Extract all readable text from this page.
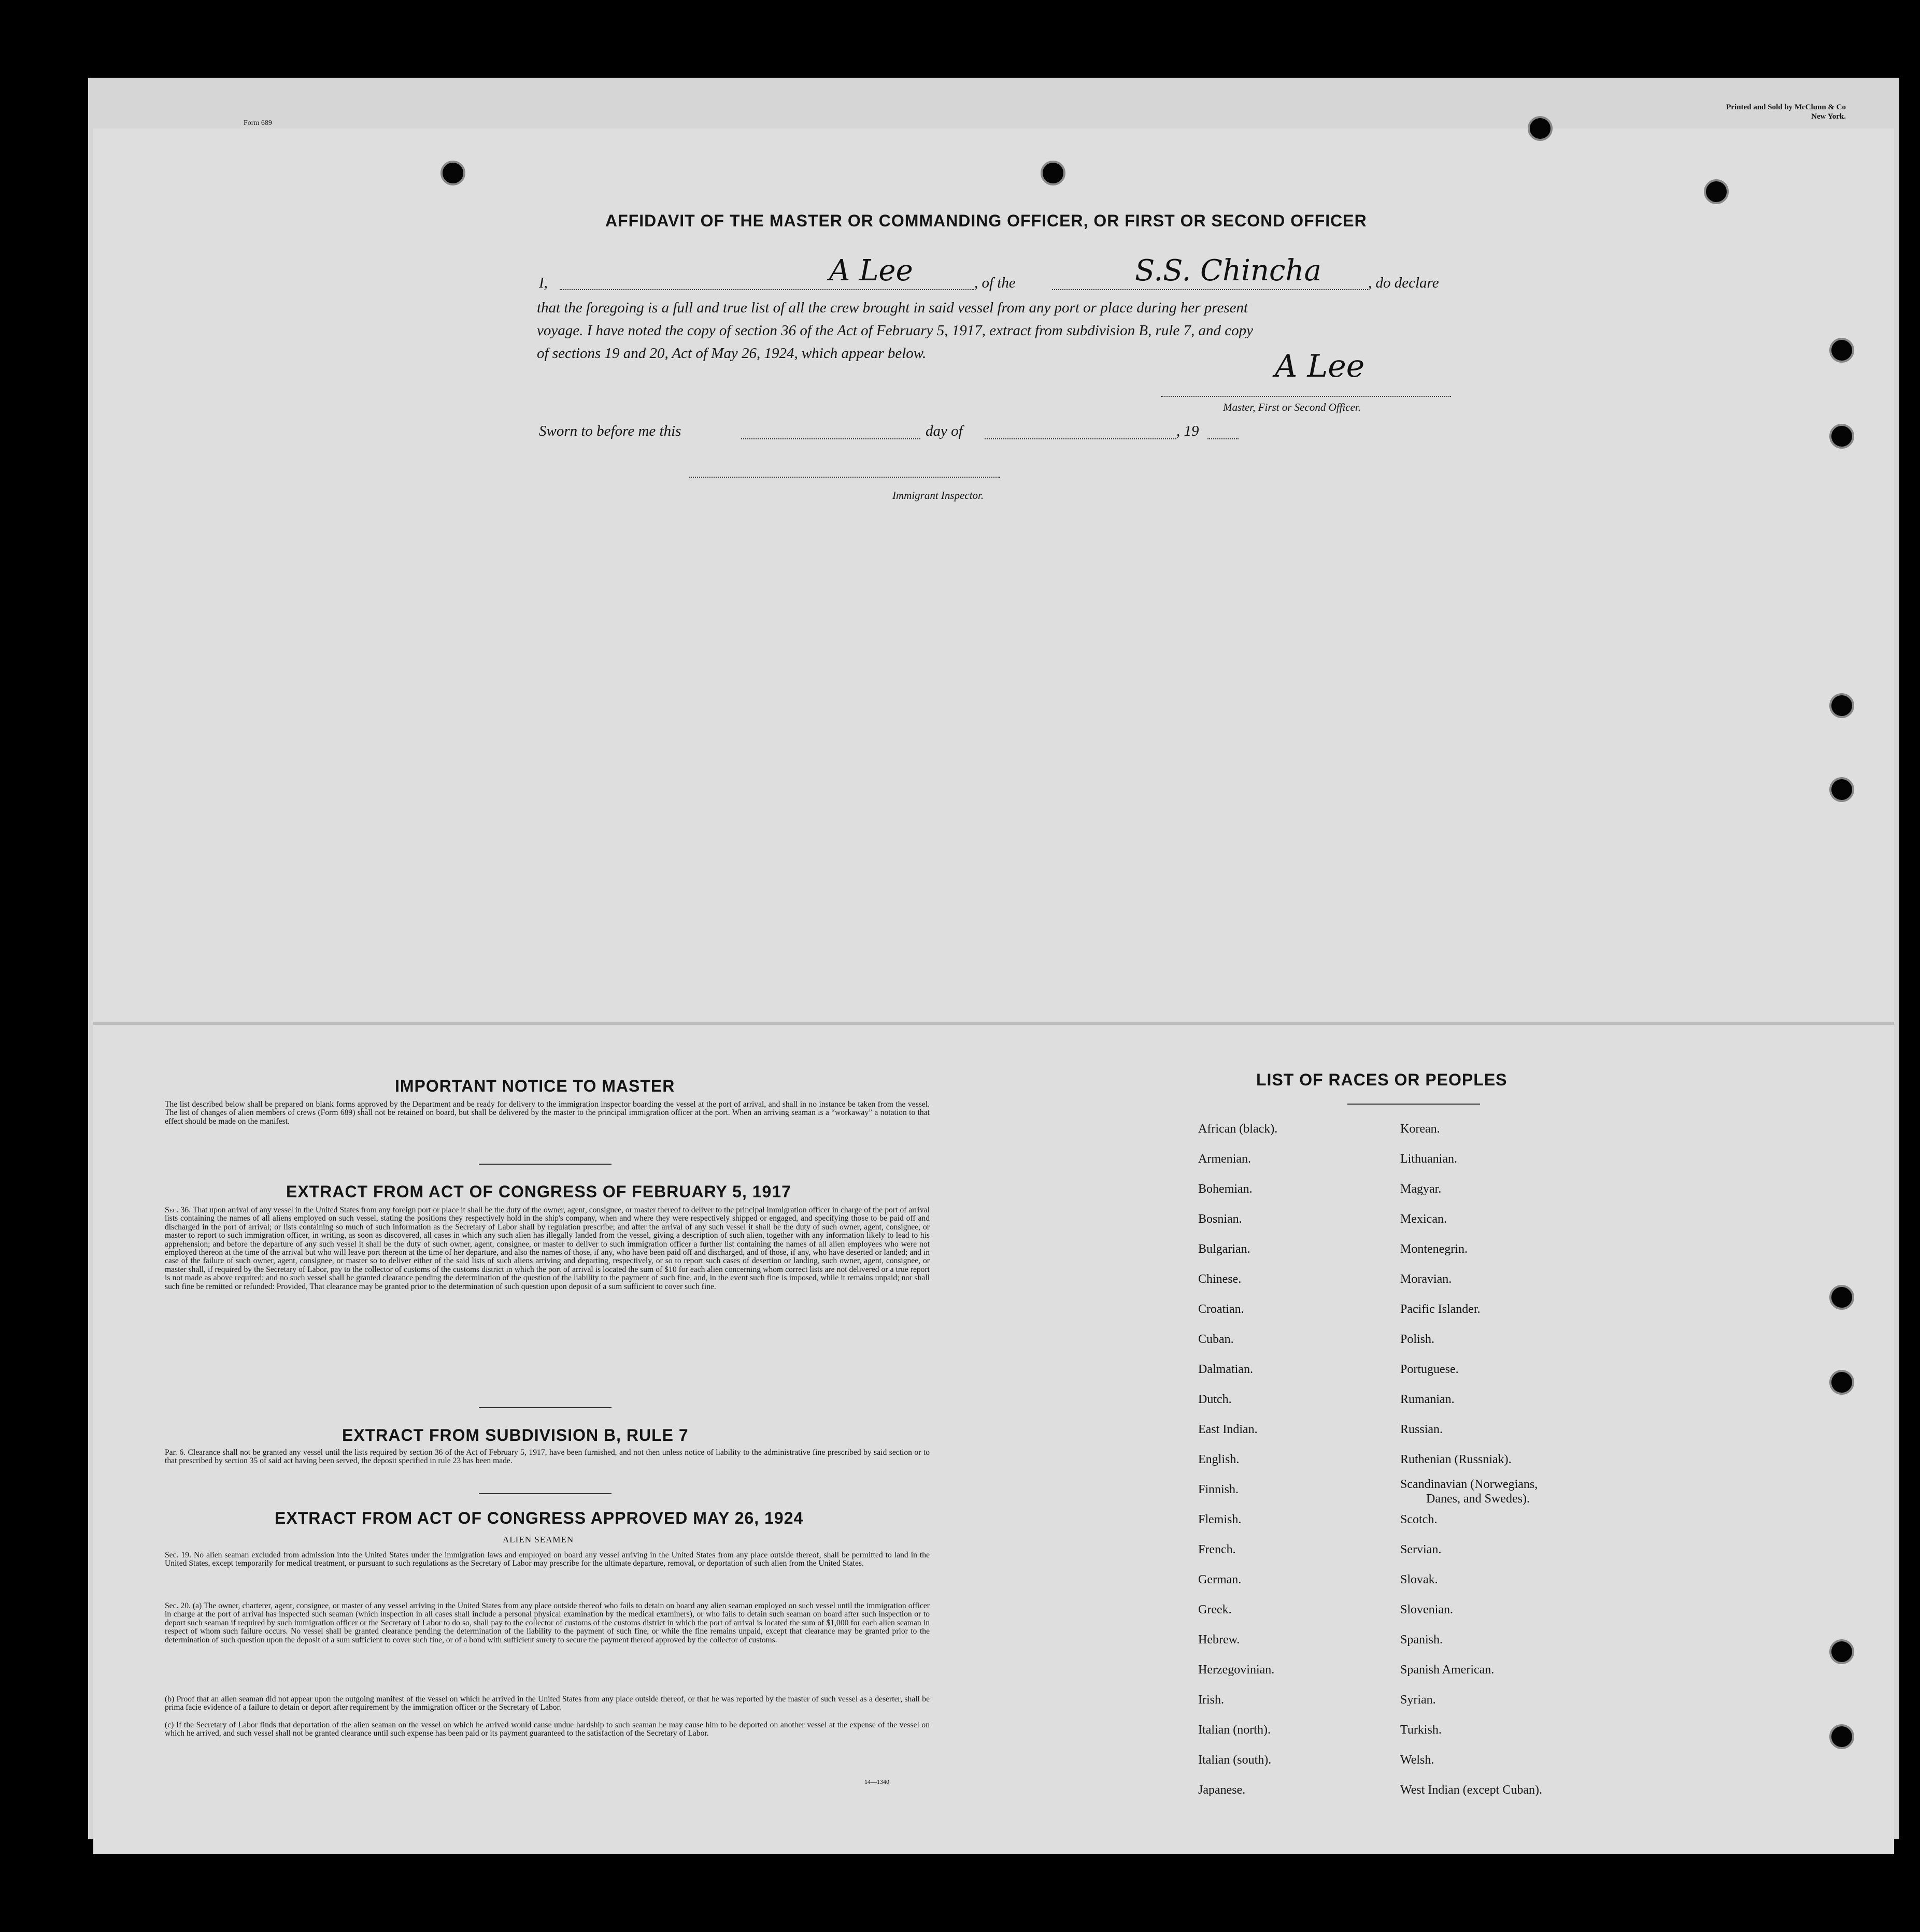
Form 689
Printed and Sold by McClunn & Co
New York.
AFFIDAVIT OF THE MASTER OR COMMANDING OFFICER, OR FIRST OR SECOND OFFICER
I,	A Lee	, of the	S.S. Chincha	, do declare
that the foregoing is a full and true list of all the crew brought in said vessel from any port or place during her present
voyage. I have noted the copy of section 36 of the Act of February 5, 1917, extract from subdivision B, rule 7, and copy
of sections 19 and 20, Act of May 26, 1924, which appear below.	A Lee
Master, First or Second Officer.
Sworn to before me this	day of	, 19
Immigrant Inspector.
IMPORTANT NOTICE TO MASTER
The list described below shall be prepared on blank forms approved by the Department and be ready for delivery to the immigration inspector boarding the vessel at the port of arrival, and shall in no instance be taken from the vessel. The list of changes of alien members of crews (Form 689) shall not be retained on board, but shall be delivered by the master to the principal immigration officer at the port. When an arriving seaman is a “workaway” a notation to that effect should be made on the manifest.
EXTRACT FROM ACT OF CONGRESS OF FEBRUARY 5, 1917
Sec. 36. That upon arrival of any vessel in the United States from any foreign port or place it shall be the duty of the owner, agent, consignee, or master thereof to deliver to the principal immigration officer in charge of the port of arrival lists containing the names of all aliens employed on such vessel, stating the positions they respectively hold in the ship's company, when and where they were respectively shipped or engaged, and specifying those to be paid off and discharged in the port of arrival; or lists containing so much of such information as the Secretary of Labor shall by regulation prescribe; and after the arrival of any such vessel it shall be the duty of such owner, agent, consignee, or master to report to such immigration officer, in writing, as soon as discovered, all cases in which any such alien has illegally landed from the vessel, giving a description of such alien, together with any information likely to lead to his apprehension; and before the departure of any such vessel it shall be the duty of such owner, agent, consignee, or master to deliver to such immigration officer a further list containing the names of all alien employees who were not employed thereon at the time of the arrival but who will leave port thereon at the time of her departure, and also the names of those, if any, who have been paid off and discharged, and of those, if any, who have deserted or landed; and in case of the failure of such owner, agent, consignee, or master so to deliver either of the said lists of such aliens arriving and departing, respectively, or so to report such cases of desertion or landing, such owner, agent, consignee, or master shall, if required by the Secretary of Labor, pay to the collector of customs of the customs district in which the port of arrival is located the sum of $10 for each alien concerning whom correct lists are not delivered or a true report is not made as above required; and no such vessel shall be granted clearance pending the determination of the question of the liability to the payment of such fine, and, in the event such fine is imposed, while it remains unpaid; nor shall such fine be remitted or refunded: Provided, That clearance may be granted prior to the determination of such question upon deposit of a sum sufficient to cover such fine.
EXTRACT FROM SUBDIVISION B, RULE 7
Par. 6. Clearance shall not be granted any vessel until the lists required by section 36 of the Act of February 5, 1917, have been furnished, and not then unless notice of liability to the administrative fine prescribed by said section or to that prescribed by section 35 of said act having been served, the deposit specified in rule 23 has been made.
EXTRACT FROM ACT OF CONGRESS APPROVED MAY 26, 1924
ALIEN SEAMEN
Sec. 19. No alien seaman excluded from admission into the United States under the immigration laws and employed on board any vessel arriving in the United States from any place outside thereof, shall be permitted to land in the United States, except temporarily for medical treatment, or pursuant to such regulations as the Secretary of Labor may prescribe for the ultimate departure, removal, or deportation of such alien from the United States.
Sec. 20. (a) The owner, charterer, agent, consignee, or master of any vessel arriving in the United States from any place outside thereof who fails to detain on board any alien seaman employed on such vessel until the immigration officer in charge at the port of arrival has inspected such seaman (which inspection in all cases shall include a personal physical examination by the medical examiners), or who fails to detain such seaman on board after such inspection or to deport such seaman if required by such immigration officer or the Secretary of Labor to do so, shall pay to the collector of customs of the customs district in which the port of arrival is located the sum of $1,000 for each alien seaman in respect of whom such failure occurs. No vessel shall be granted clearance pending the determination of the liability to the payment of such fine, or while the fine remains unpaid, except that clearance may be granted prior to the determination of such question upon the deposit of a sum sufficient to cover such fine, or of a bond with sufficient surety to secure the payment thereof approved by the collector of customs.
(b) Proof that an alien seaman did not appear upon the outgoing manifest of the vessel on which he arrived in the United States from any place outside thereof, or that he was reported by the master of such vessel as a deserter, shall be prima facie evidence of a failure to detain or deport after requirement by the immigration officer or the Secretary of Labor.
(c) If the Secretary of Labor finds that deportation of the alien seaman on the vessel on which he arrived would cause undue hardship to such seaman he may cause him to be deported on another vessel at the expense of the vessel on which he arrived, and such vessel shall not be granted clearance until such expense has been paid or its payment guaranteed to the satisfaction of the Secretary of Labor.
14—1340
LIST OF RACES OR PEOPLES
African (black).
Armenian.
Bohemian.
Bosnian.
Bulgarian.
Chinese.
Croatian.
Cuban.
Dalmatian.
Dutch.
East Indian.
English.
Finnish.
Flemish.
French.
German.
Greek.
Hebrew.
Herzegovinian.
Irish.
Italian (north).
Italian (south).
Japanese.
Korean.
Lithuanian.
Magyar.
Mexican.
Montenegrin.
Moravian.
Pacific Islander.
Polish.
Portuguese.
Rumanian.
Russian.
Ruthenian (Russniak).
Scandinavian (Norwegians,
Danes, and Swedes).
Scotch.
Servian.
Slovak.
Slovenian.
Spanish.
Spanish American.
Syrian.
Turkish.
Welsh.
West Indian (except Cuban).
